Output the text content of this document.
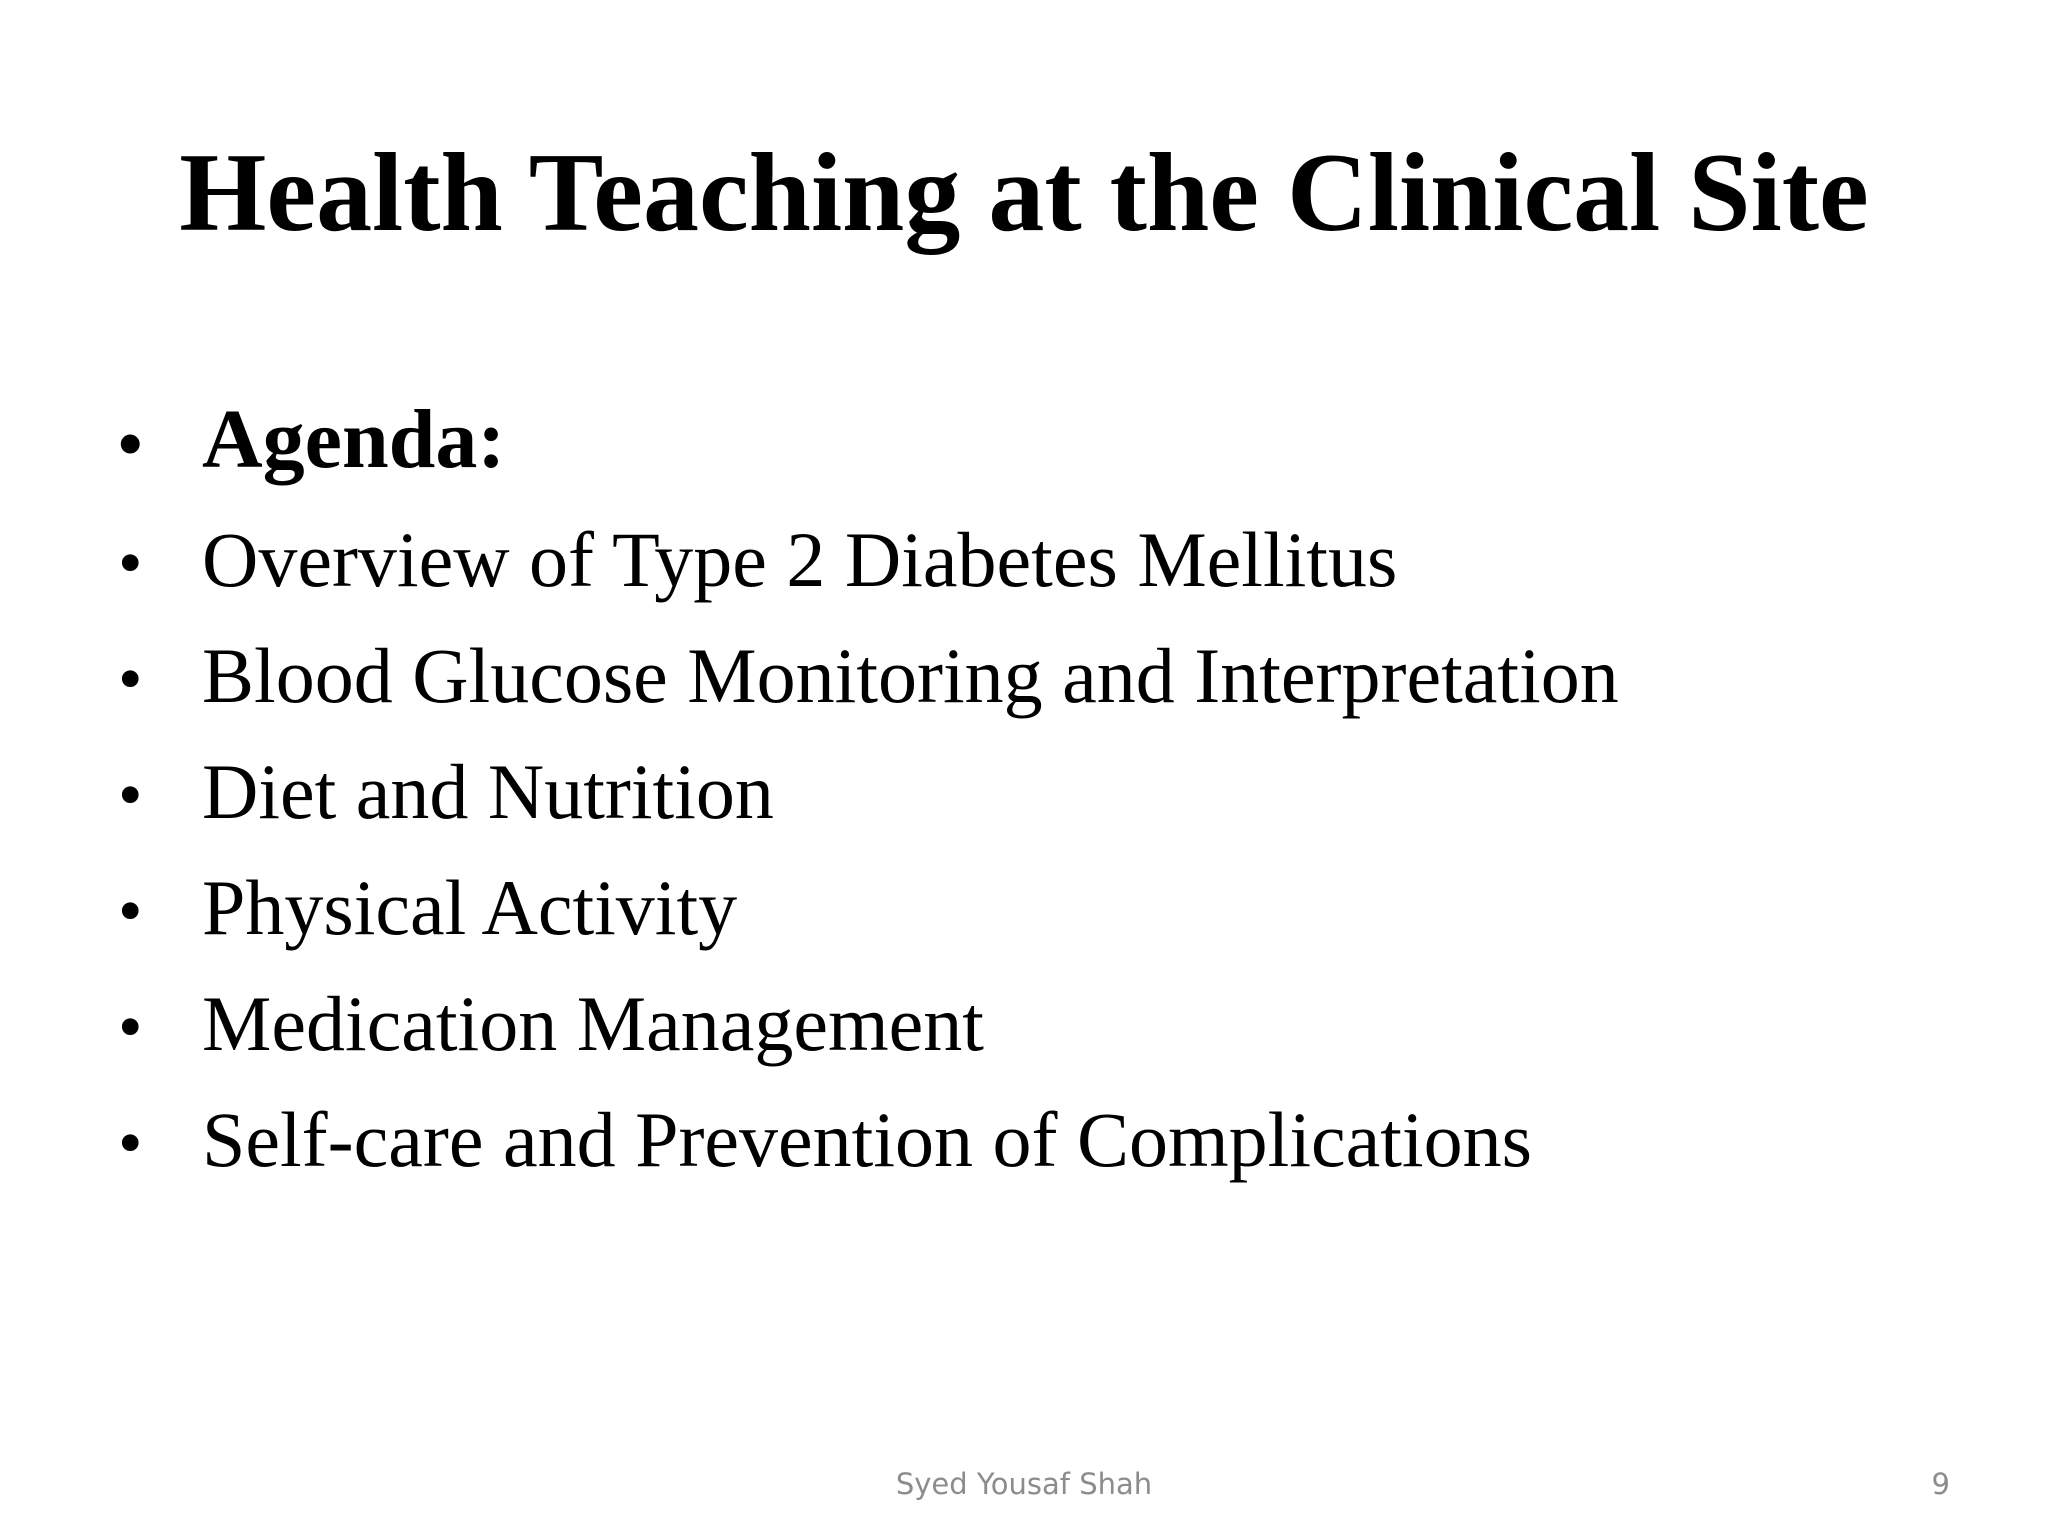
Health Teaching at the Clinical Site
• Agenda:
• Overview of Type 2 Diabetes Mellitus
• Blood Glucose Monitoring and Interpretation
• Diet and Nutrition
• Physical Activity
• Medication Management
• Self-care and Prevention of Complications
Syed Yousaf Shah	9
